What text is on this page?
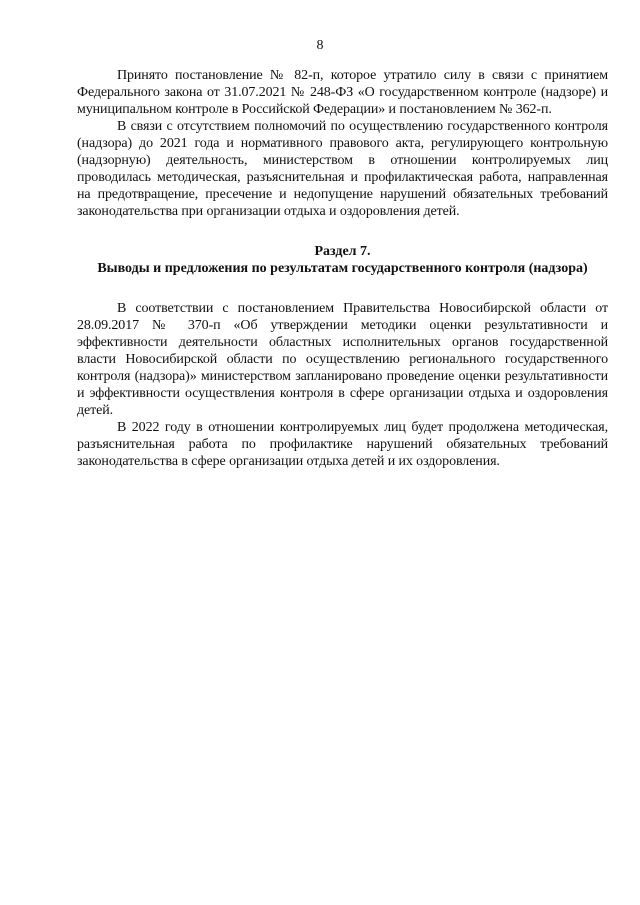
8

Принято постановление № 82-п, которое утратило силу в связи с принятием Федерального закона от 31.07.2021 № 248-ФЗ «О государственном контроле (надзоре) и муниципальном контроле в Российской Федерации» и постановлением № 362-п.

В связи с отсутствием полномочий по осуществлению государственного контроля (надзора) до 2021 года и нормативного правового акта, регулирующего контрольную (надзорную) деятельность, министерством в отношении контролируемых лиц проводилась методическая, разъяснительная и профилактическая работа, направленная на предотвращение, пресечение и недопущение нарушений обязательных требований законодательства при организации отдыха и оздоровления детей.

Раздел 7.
Выводы и предложения по результатам государственного контроля (надзора)

В соответствии с постановлением Правительства Новосибирской области от 28.09.2017 № 370-п «Об утверждении методики оценки результативности и эффективности деятельности областных исполнительных органов государственной власти Новосибирской области по осуществлению регионального государственного контроля (надзора)» министерством запланировано проведение оценки результативности и эффективности осуществления контроля в сфере организации отдыха и оздоровления детей.

В 2022 году в отношении контролируемых лиц будет продолжена методическая, разъяснительная работа по профилактике нарушений обязательных требований законодательства в сфере организации отдыха детей и их оздоровления.
